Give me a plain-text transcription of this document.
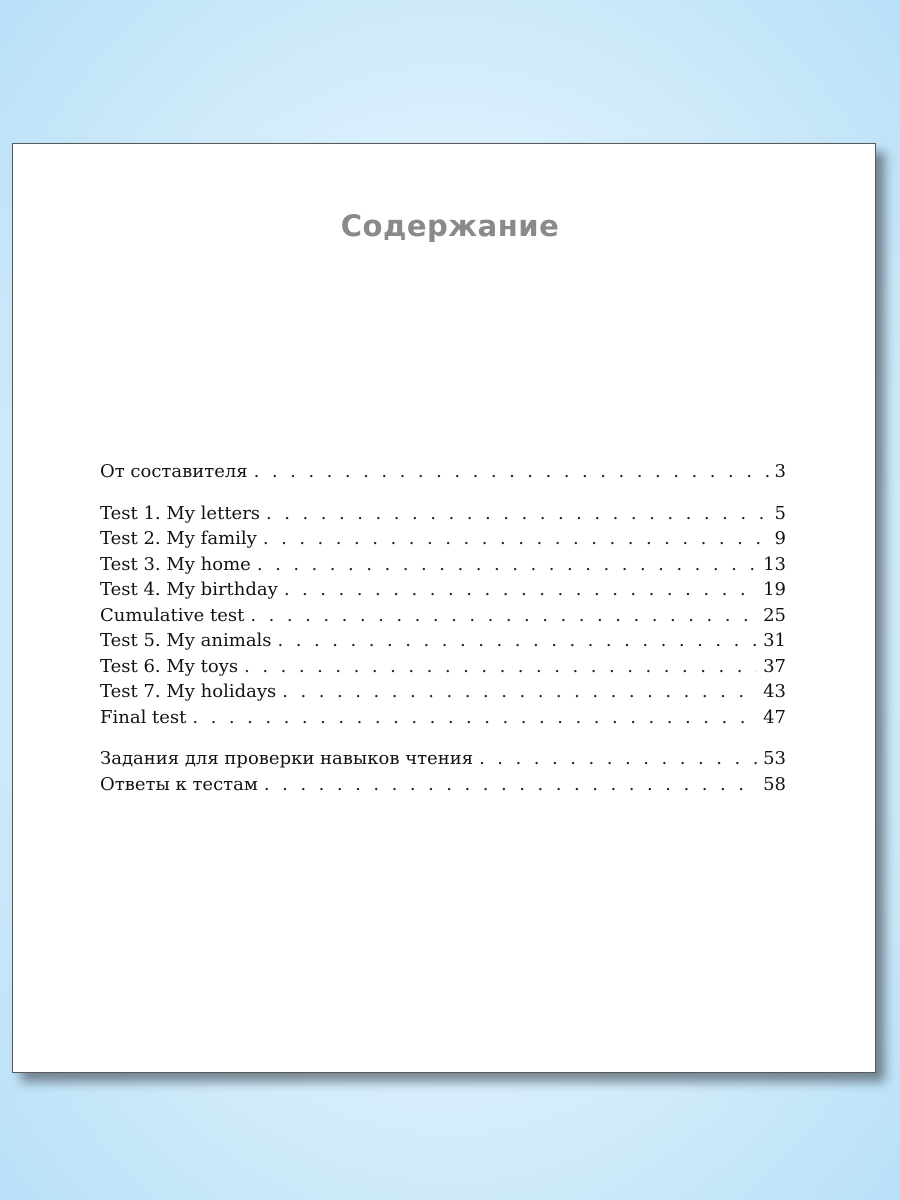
Содержание
От составителя . . .	3
Test 1. My letters . . .	5
Test 2. My family . . .	9
Test 3. My home . . .	13
Test 4. My birthday . . .	19
Cumulative test . . .	25
Test 5. My animals . . .	31
Test 6. My toys . . .	37
Test 7. My holidays . . .	43
Final test . . .	47
Задания для проверки навыков чтения . . .	53
Ответы к тестам . . .	58
